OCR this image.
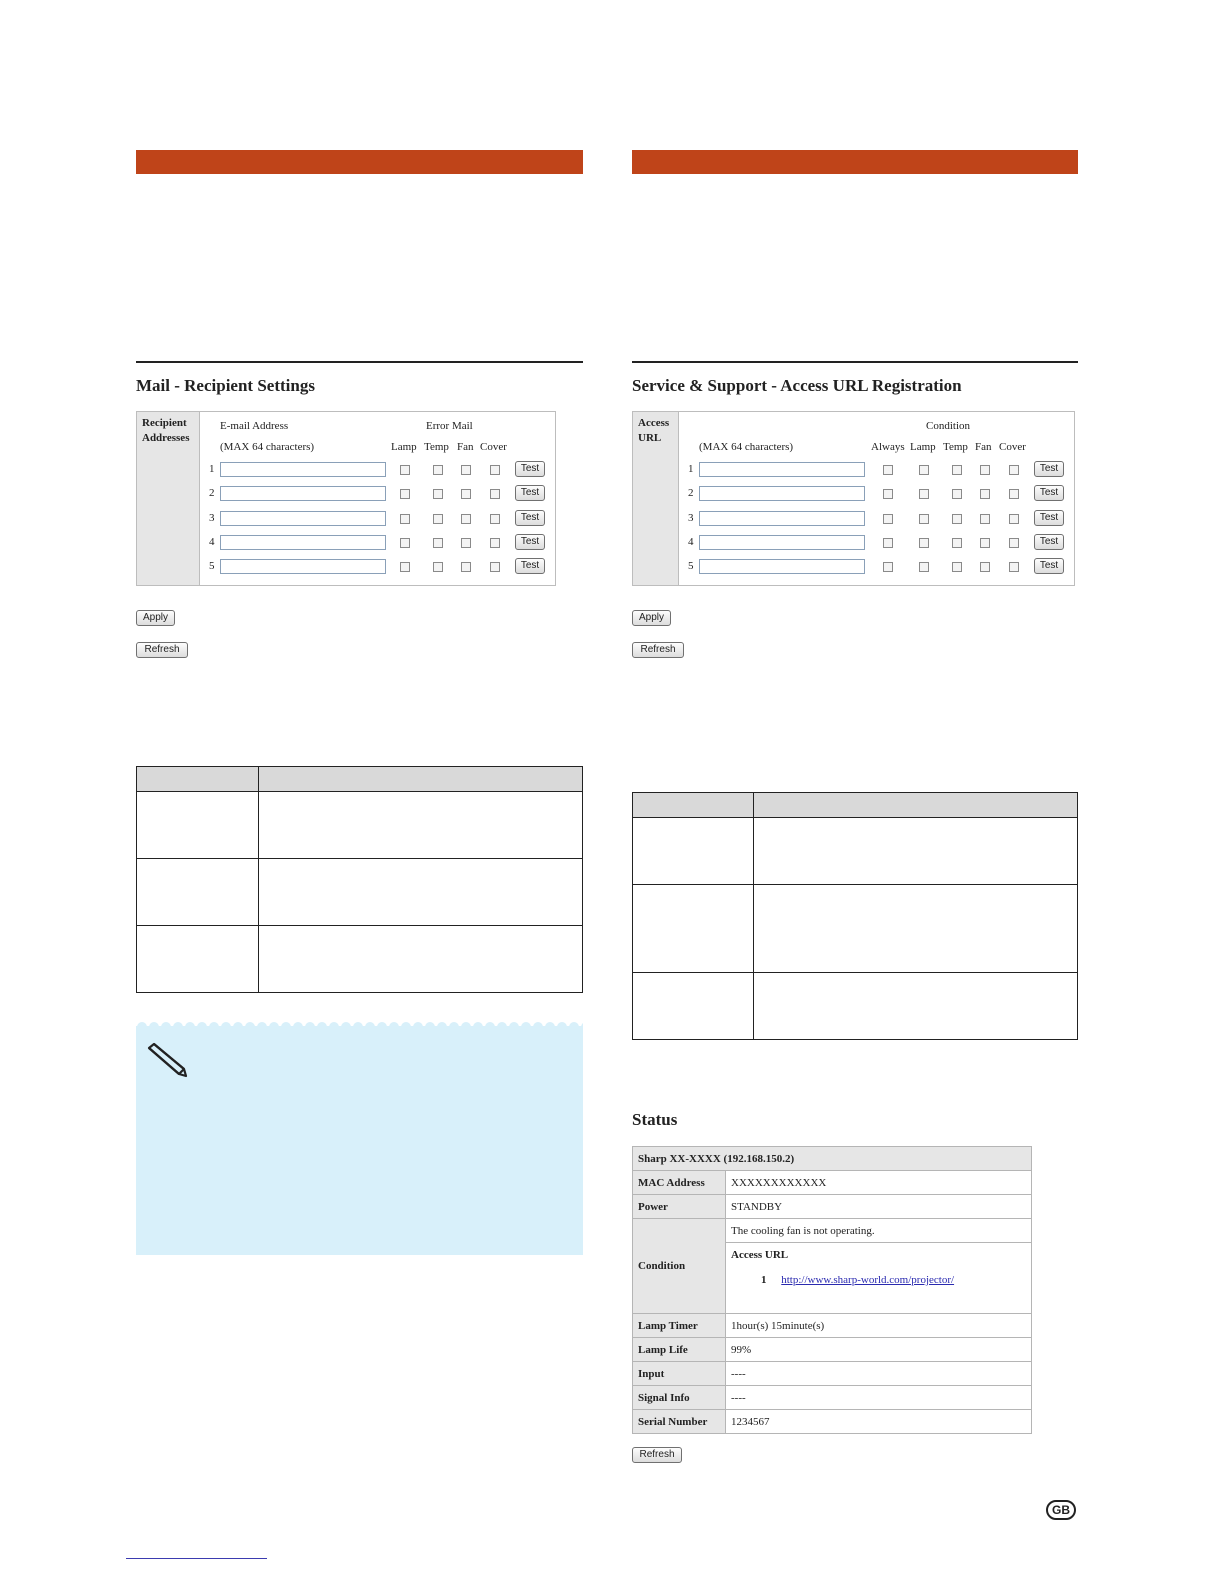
Mail - Recipient Settings	Service & Support - Access URL Registration
Recipient
Addresses
E-mail Address
(MAX 64 characters)
Error Mail
Lamp Temp Fan Cover
1	Test
2	Test
3	Test
4	Test
5	Test
Access
URL
(MAX 64 characters)
Condition
Always Lamp Temp Fan Cover
1	Test
2	Test
3	Test
4	Test
5	Test
Apply
Refresh
Apply
Refresh

Status
Sharp XX-XXXX (192.168.150.2)	
MAC Address	XXXXXXXXXXXX
Power	STANDBY
Condition	The cooling fan is not operating.

	Access URL
1 http://www.sharp-world.com/projector/

Lamp Timer	1hour(s) 15minute(s)
Lamp Life	99%
Input	----
Signal Info	----
Serial Number	1234567
Refresh
GB
